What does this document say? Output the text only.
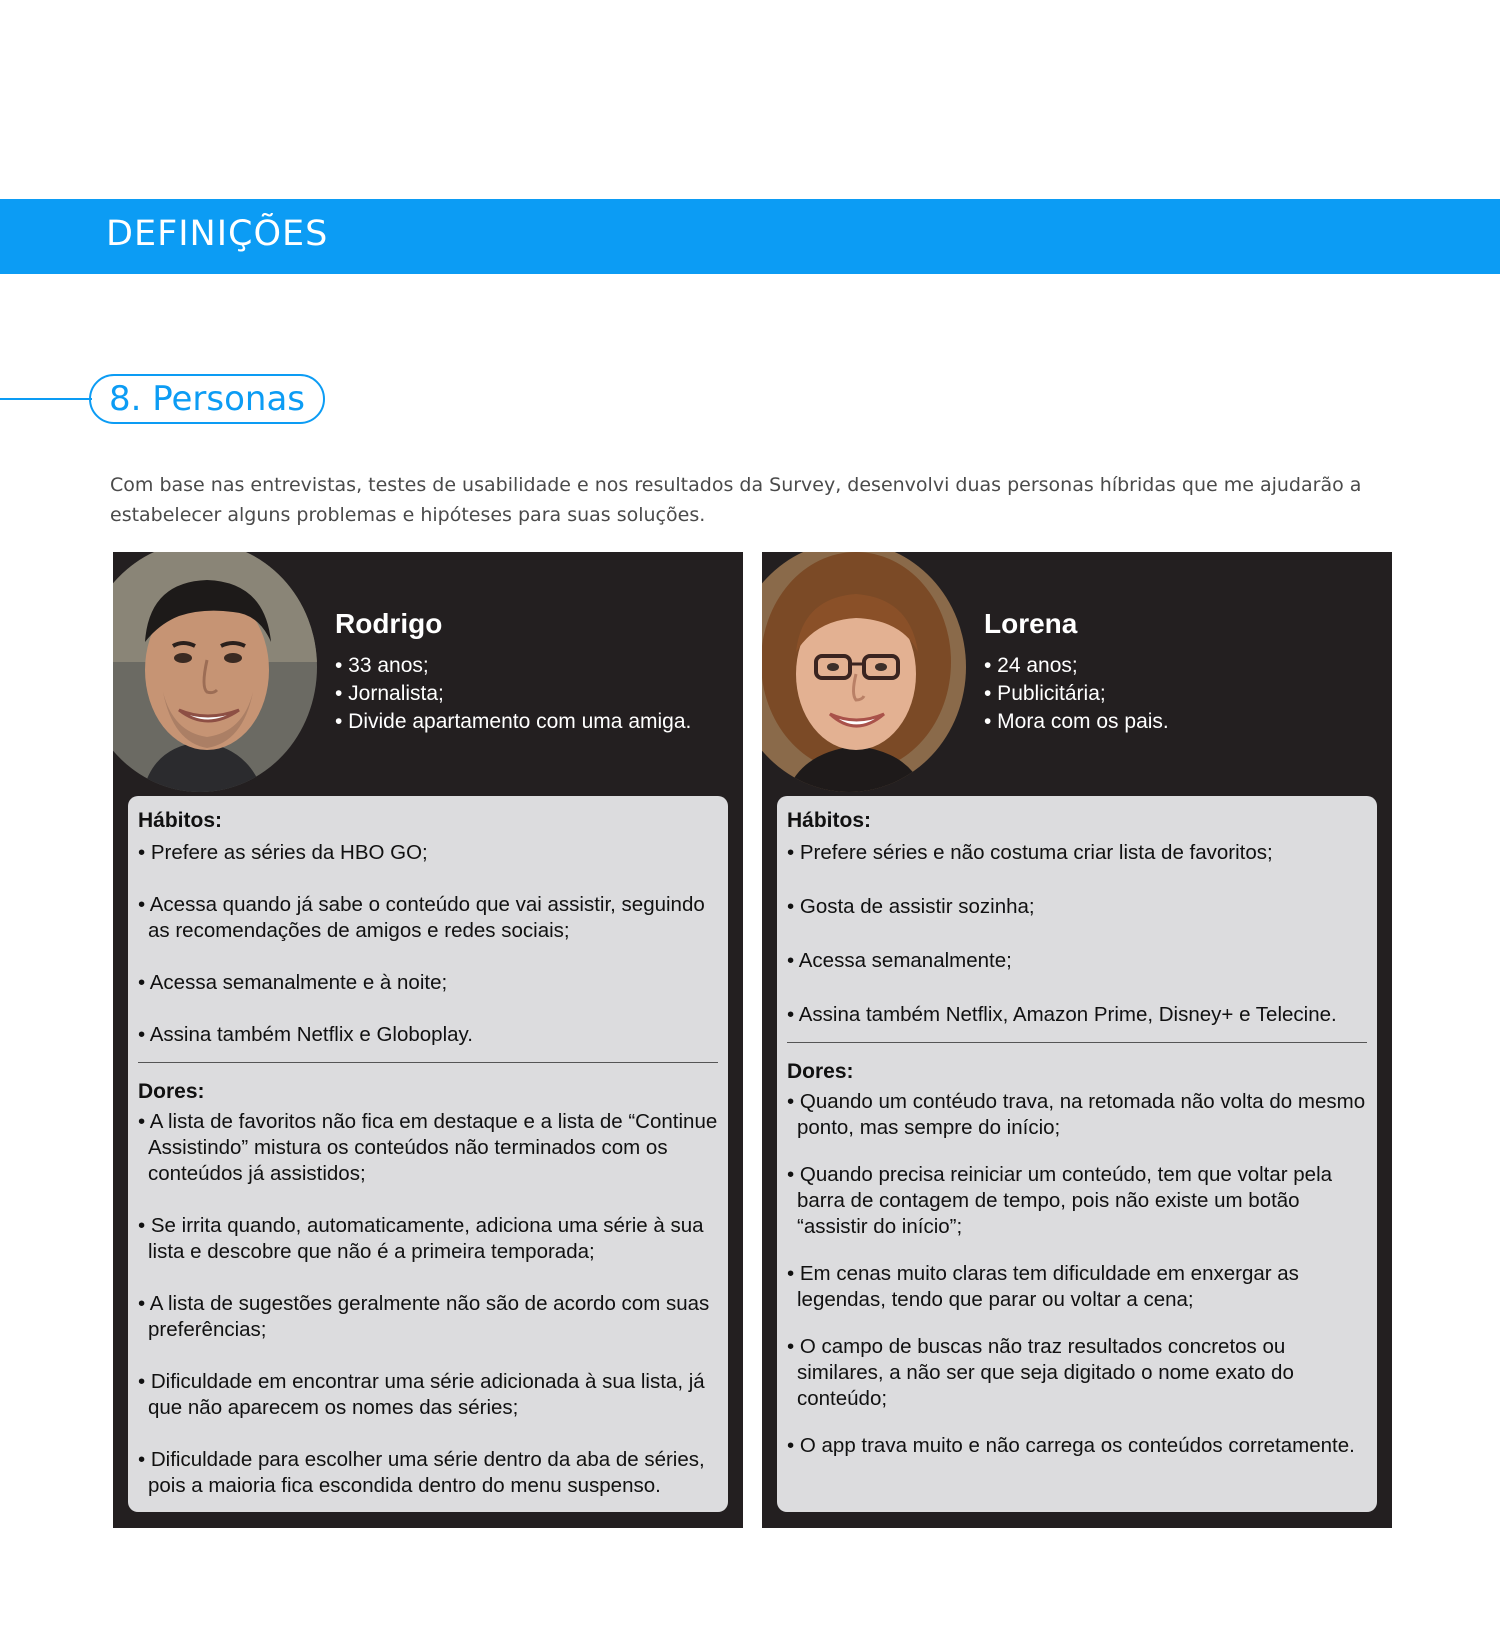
DEFINIÇÕES
8. Personas

Com base nas entrevistas, testes de usabilidade e nos resultados da Survey, desenvolvi duas personas híbridas que me ajudarão a estabelecer alguns problemas e hipóteses para suas soluções.

Rodrigo
• 33 anos;
• Jornalista;
• Divide apartamento com uma amiga.
Hábitos:
• Prefere as séries da HBO GO;
• Acessa quando já sabe o conteúdo que vai assistir, seguindo as recomendações de amigos e redes sociais;
• Acessa semanalmente e à noite;
• Assina também Netflix e Globoplay.
Dores:
• A lista de favoritos não fica em destaque e a lista de “Continue Assistindo” mistura os conteúdos não terminados com os conteúdos já assistidos;
• Se irrita quando, automaticamente, adiciona uma série à sua lista e descobre que não é a primeira temporada;
• A lista de sugestões geralmente não são de acordo com suas preferências;
• Dificuldade em encontrar uma série adicionada à sua lista, já que não aparecem os nomes das séries;
• Dificuldade para escolher uma série dentro da aba de séries, pois a maioria fica escondida dentro do menu suspenso.
Lorena
• 24 anos;
• Publicitária;
• Mora com os pais.
Hábitos:
• Prefere séries e não costuma criar lista de favoritos;
• Gosta de assistir sozinha;
• Acessa semanalmente;
• Assina também Netflix, Amazon Prime, Disney+ e Telecine.
Dores:
• Quando um contéudo trava, na retomada não volta do mesmo ponto, mas sempre do início;
• Quando precisa reiniciar um conteúdo, tem que voltar pela barra de contagem de tempo, pois não existe um botão “assistir do início”;
• Em cenas muito claras tem dificuldade em enxergar as legendas, tendo que parar ou voltar a cena;
• O campo de buscas não traz resultados concretos ou similares, a não ser que seja digitado o nome exato do conteúdo;
• O app trava muito e não carrega os conteúdos corretamente.
